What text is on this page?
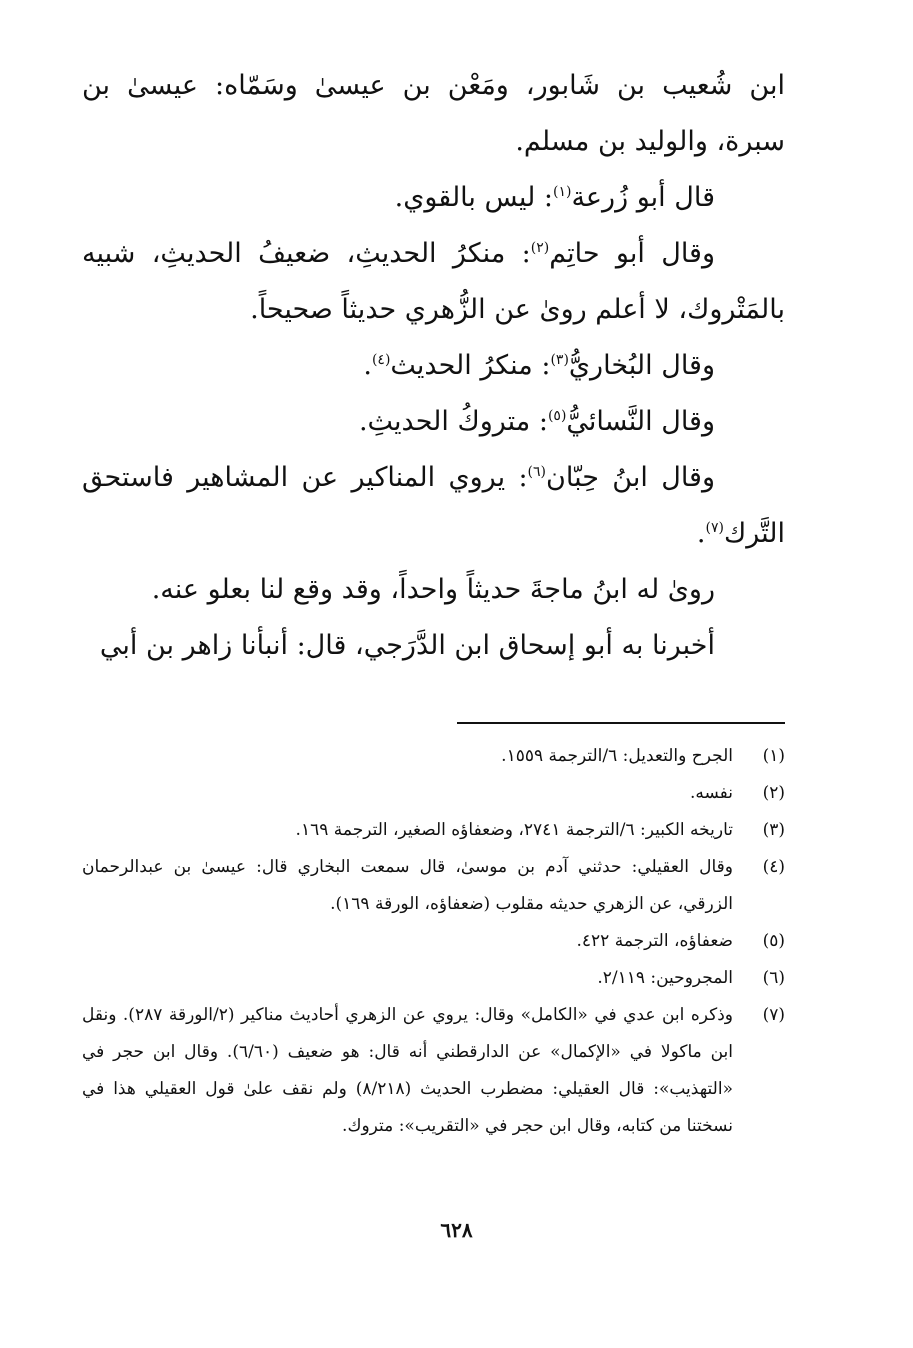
ابن شُعيب بن شَابور، ومَعْن بن عيسىٰ وسَمّاه: عيسىٰ بن سبرة، والوليد بن مسلم.

قال أبو زُرعة$^{(١)}$: ليس بالقوي.

وقال أبو حاتِم$^{(٢)}$: منكرُ الحديثِ، ضعيفُ الحديثِ، شبيه بالمَتْروك، لا أعلم روىٰ عن الزُّهري حديثاً صحيحاً.

وقال البُخاريُّ$^{(٣)}$: منكرُ الحديث$^{(٤)}$.

وقال النَّسائيُّ$^{(٥)}$: متروكُ الحديثِ.

وقال ابنُ حِبّان$^{(٦)}$: يروي المناكير عن المشاهير فاستحق التَّرك$^{(٧)}$.

روىٰ له ابنُ ماجةَ حديثاً واحداً، وقد وقع لنا بعلو عنه.

أخبرنا به أبو إسحاق ابن الدَّرَجي، قال: أنبأنا زاهر بن أبي

(١)
الجرح والتعديل: ٦/الترجمة ١٥٥٩.
(٢)
نفسه.
(٣)
تاريخه الكبير: ٦/الترجمة ٢٧٤١، وضعفاؤه الصغير، الترجمة ١٦٩.
(٤)
وقال العقيلي: حدثني آدم بن موسىٰ، قال سمعت البخاري قال: عيسىٰ بن عبدالرحمان الزرقي، عن الزهري حديثه مقلوب (ضعفاؤه، الورقة ١٦٩).
(٥)
ضعفاؤه، الترجمة ٤٢٢.
(٦)
المجروحين: ٢/١١٩.
(٧)
وذكره ابن عدي في «الكامل» وقال: يروي عن الزهري أحاديث مناكير (٢/الورقة ٢٨٧). ونقل ابن ماكولا في «الإكمال» عن الدارقطني أنه قال: هو ضعيف (٦/٦٠). وقال ابن حجر في «التهذيب»: قال العقيلي: مضطرب الحديث (٨/٢١٨) ولم نقف علىٰ قول العقيلي هذا في نسختنا من كتابه، وقال ابن حجر في «التقريب»: متروك.
٦٢٨
